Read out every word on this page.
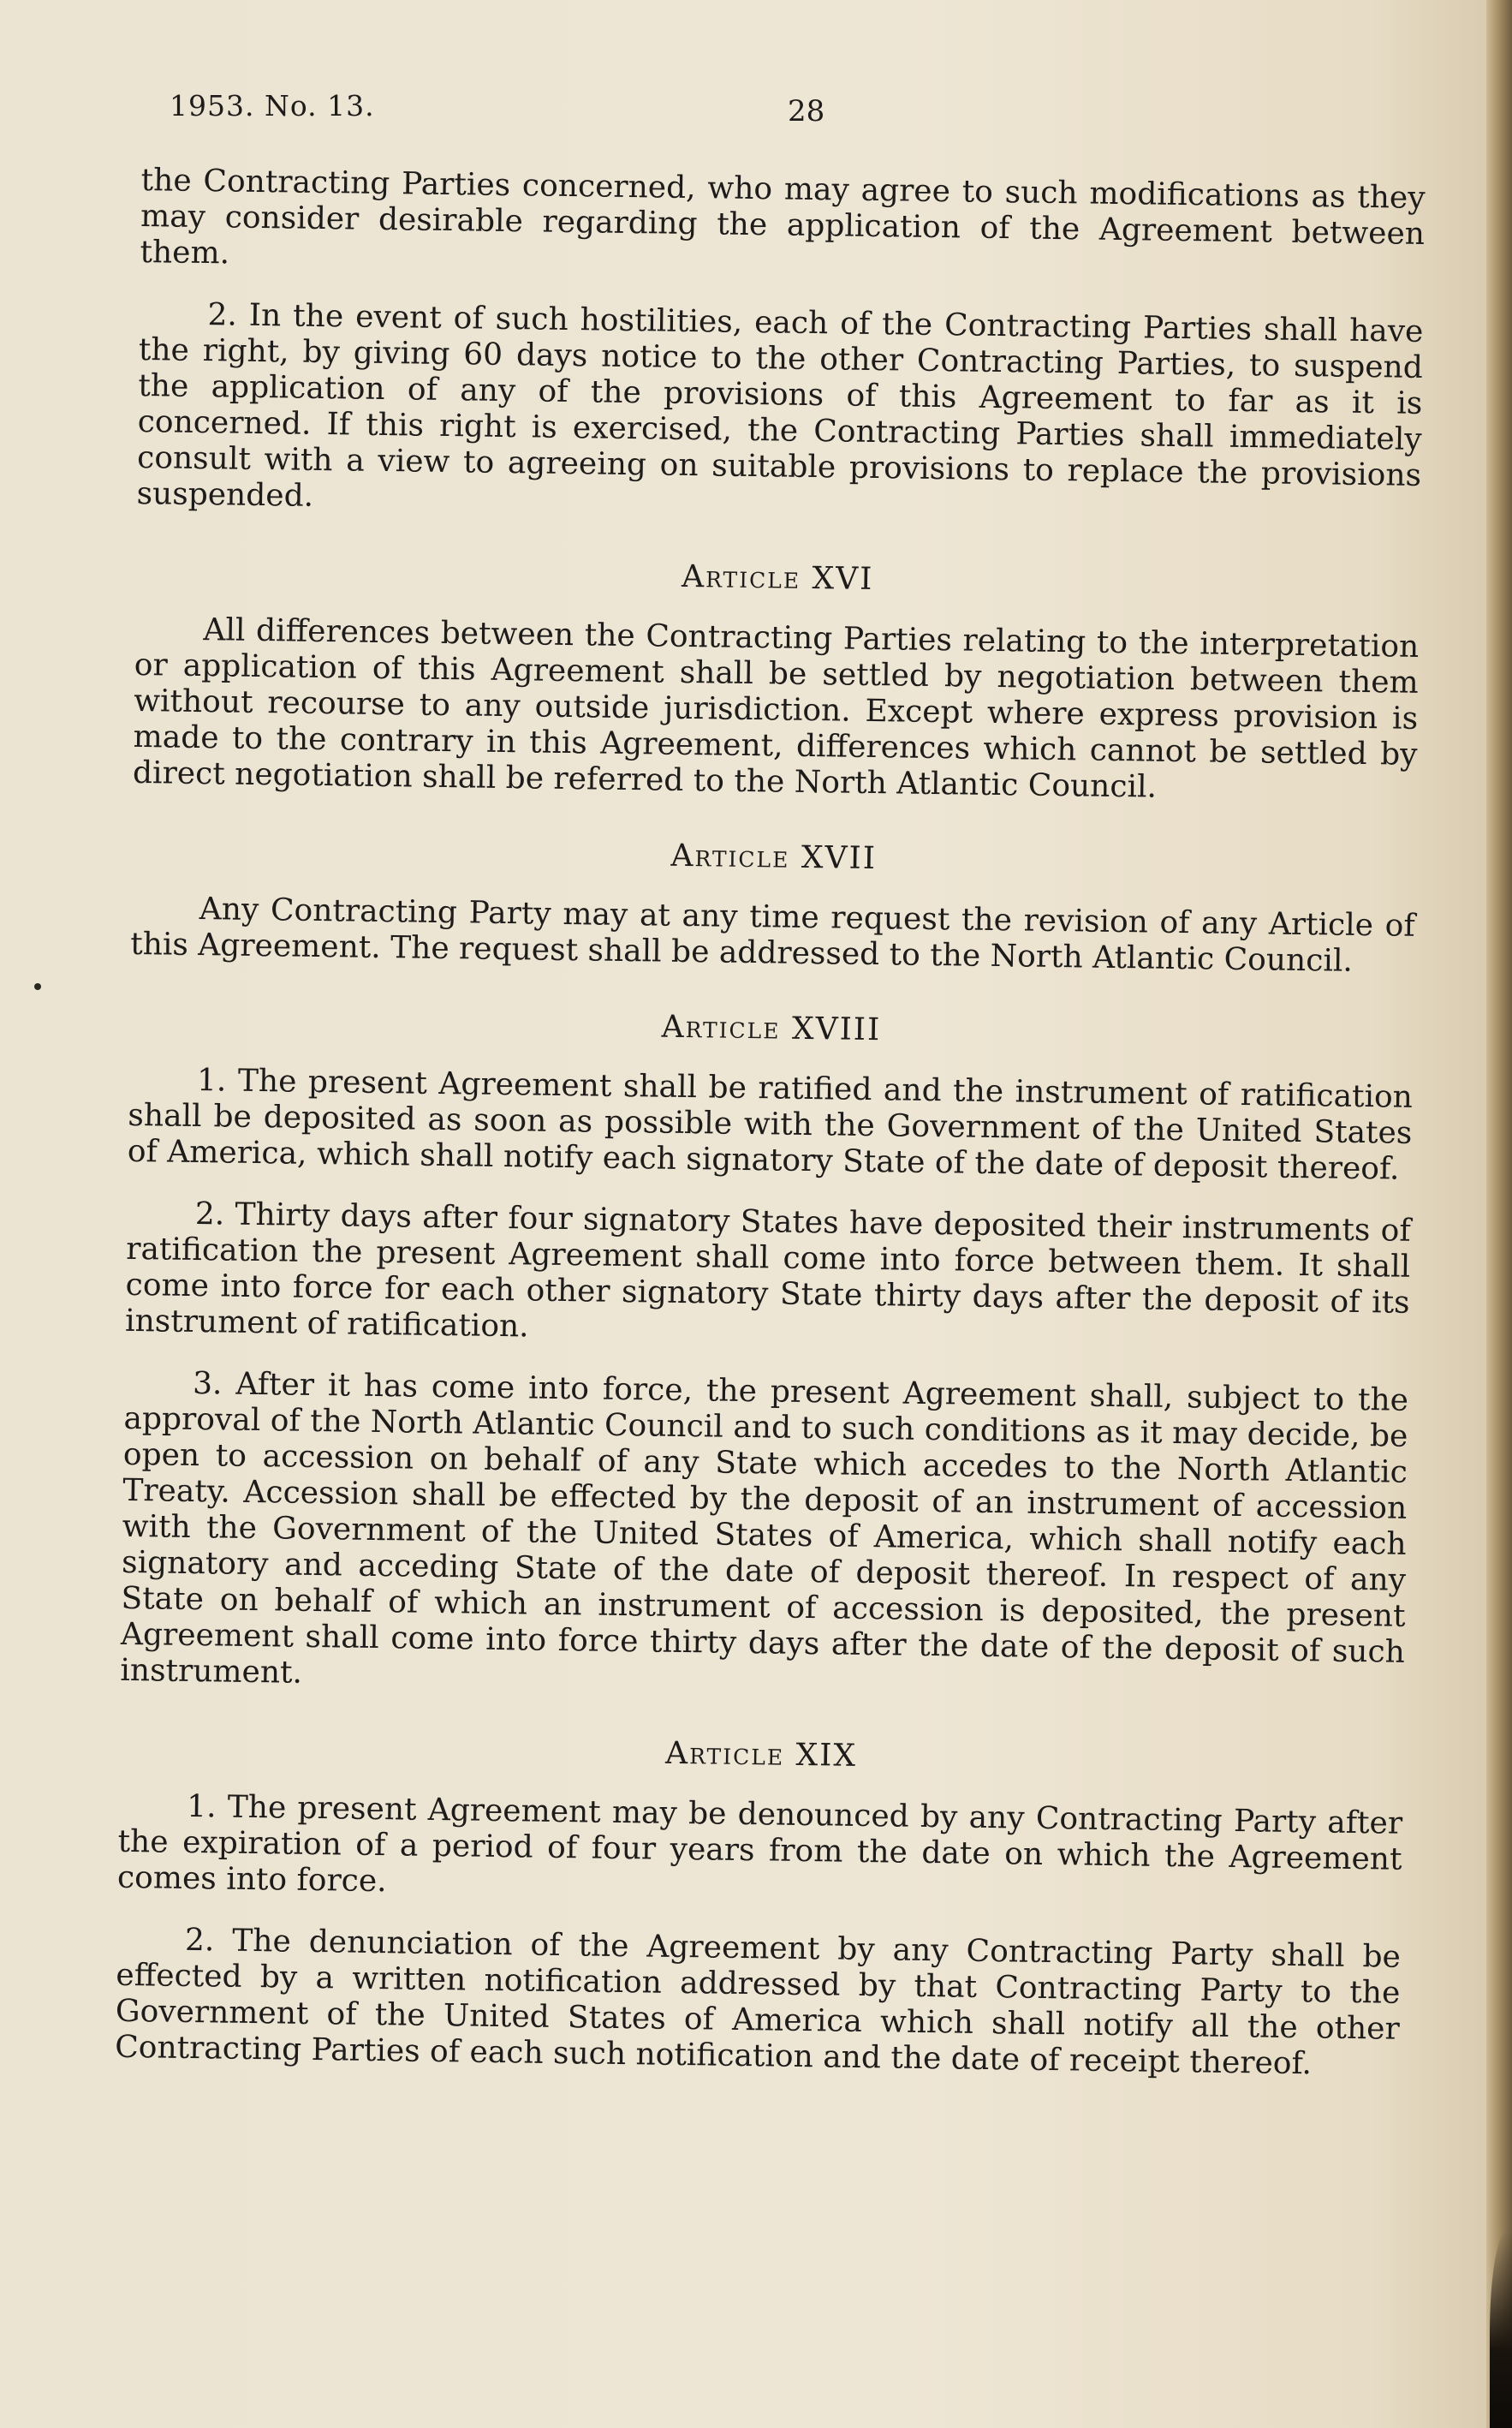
1953. No. 13.	28

the Contracting Parties concerned, who may agree to such modifications as they may consider desirable regarding the application of the Agreement between them.

2. In the event of such hostilities, each of the Contracting Parties shall have the right, by giving 60 days notice to the other Contracting Parties, to suspend the application of any of the provisions of this Agreement to far as it is concerned. If this right is exercised, the Contracting Parties shall immediately consult with a view to agreeing on suitable provisions to replace the provisions suspended.

Article XVI

All differences between the Contracting Parties relating to the interpretation or application of this Agreement shall be settled by negotiation between them without recourse to any outside jurisdiction. Except where express provision is made to the contrary in this Agreement, differences which cannot be settled by direct negotiation shall be referred to the North Atlantic Council.

Article XVII

Any Contracting Party may at any time request the revision of any Article of this Agreement. The request shall be addressed to the North Atlantic Council.

Article XVIII

1. The present Agreement shall be ratified and the instrument of ratification shall be deposited as soon as possible with the Government of the United States of America, which shall notify each signatory State of the date of deposit thereof.

2. Thirty days after four signatory States have deposited their instruments of ratification the present Agreement shall come into force between them. It shall come into force for each other signatory State thirty days after the deposit of its instrument of ratification.

3. After it has come into force, the present Agreement shall, subject to the approval of the North Atlantic Council and to such conditions as it may decide, be open to accession on behalf of any State which accedes to the North Atlantic Treaty. Accession shall be effected by the deposit of an instrument of accession with the Government of the United States of America, which shall notify each signatory and acceding State of the date of deposit thereof. In respect of any State on behalf of which an instrument of accession is deposited, the present Agreement shall come into force thirty days after the date of the deposit of such instrument.

Article XIX

1. The present Agreement may be denounced by any Contracting Party after the expiration of a period of four years from the date on which the Agreement comes into force.

2. The denunciation of the Agreement by any Contracting Party shall be effected by a written notification addressed by that Contracting Party to the Government of the United States of America which shall notify all the other Contracting Parties of each such notification and the date of receipt thereof.
